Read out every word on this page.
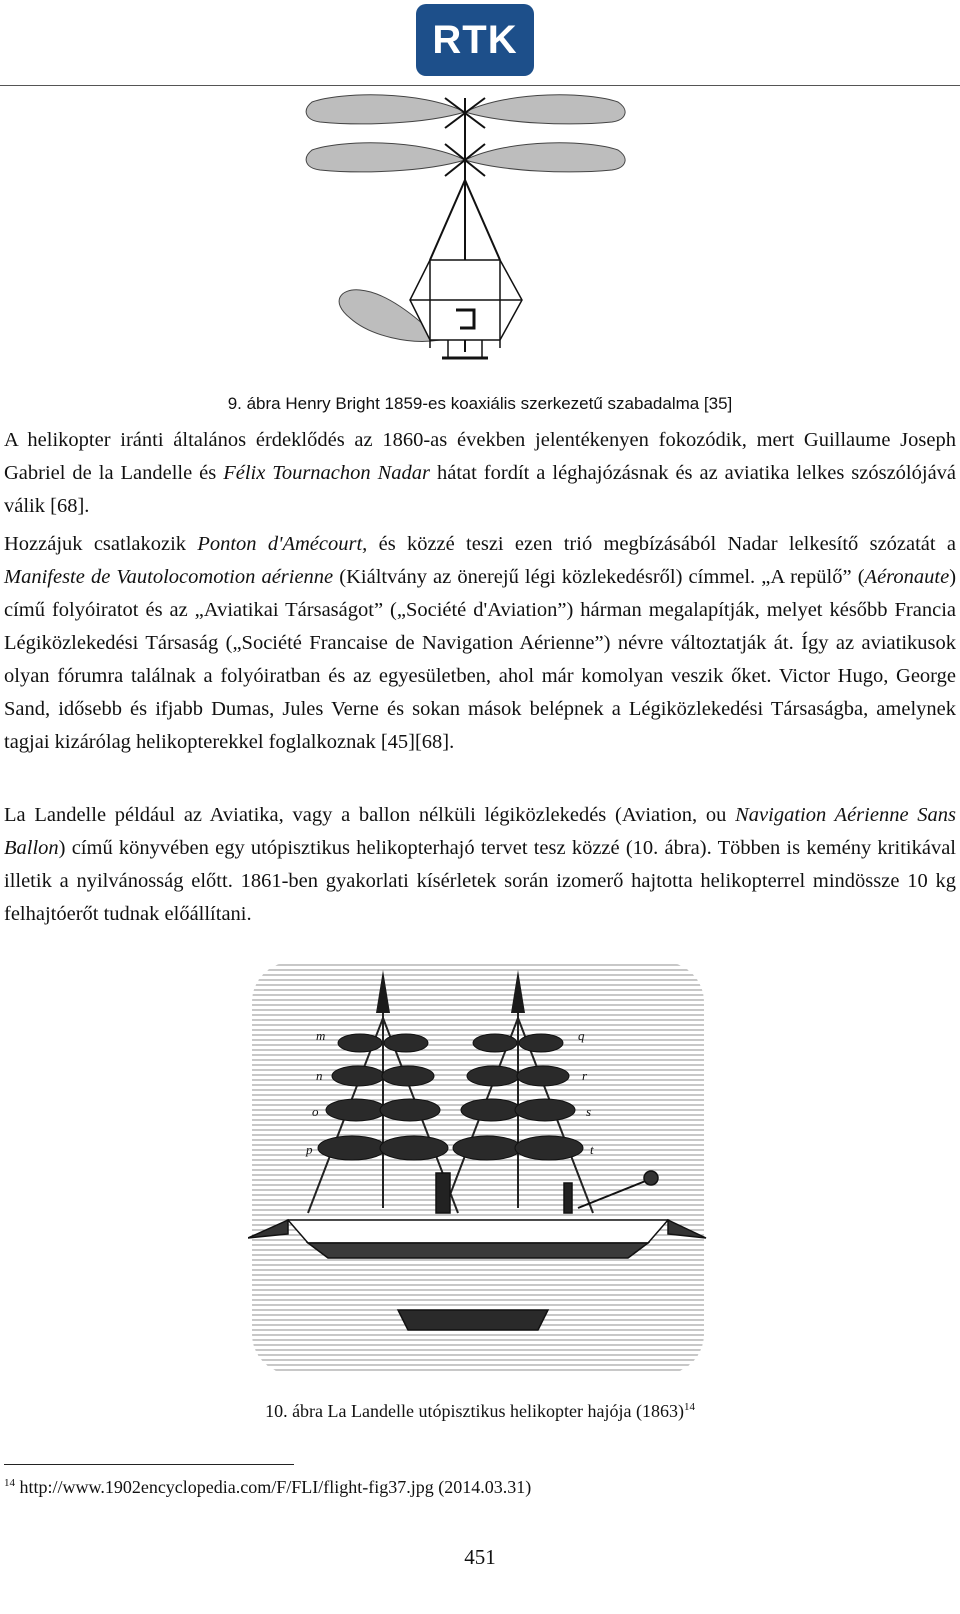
RTK
9. ábra Henry Bright 1859-es koaxiális szerkezetű szabadalma [35]

A helikopter iránti általános érdeklődés az 1860-as években jelentékenyen fokozódik, mert Guillaume Joseph Gabriel de la Landelle és Félix Tournachon Nadar hátat fordít a léghajózásnak és az aviatika lelkes szószólójává válik [68].

Hozzájuk csatlakozik Ponton d'Amécourt, és közzé teszi ezen trió megbízásából Nadar lelkesítő szózatát a Manifeste de Vautolocomotion aérienne (Kiáltvány az önerejű légi közlekedésről) címmel. „A repülő” (Aéronaute) című folyóiratot és az „Aviatikai Társaságot” („Société d'Aviation”) hárman megalapítják, melyet később Francia Légiközlekedési Társaság („Société Francaise de Navigation Aérienne”) névre változtatják át. Így az aviatikusok olyan fórumra találnak a folyóiratban és az egyesületben, ahol már komolyan veszik őket. Victor Hugo, George Sand, idősebb és ifjabb Dumas, Jules Verne és sokan mások belépnek a Légiközlekedési Társaságba, amelynek tagjai kizárólag helikopterekkel foglalkoznak [45][68].

La Landelle például az Aviatika, vagy a ballon nélküli légiközlekedés (Aviation, ou Navigation Aérienne Sans Ballon) című könyvében egy utópisztikus helikopterhajó tervet tesz közzé (10. ábra). Többen is kemény kritikával illetik a nyilvánosság előtt. 1861-ben gyakorlati kísérletek során izomerő hajtotta helikopterrel mindössze 10 kg felhajtóerőt tudnak előállítani.

m
n
o
p
q
r
s
t
10. ábra La Landelle utópisztikus helikopter hajója $(1863)^{14}$
$^{14}$ http://www.1902encyclopedia.com/F/FLI/flight-fig37.jpg (2014.03.31)
451
